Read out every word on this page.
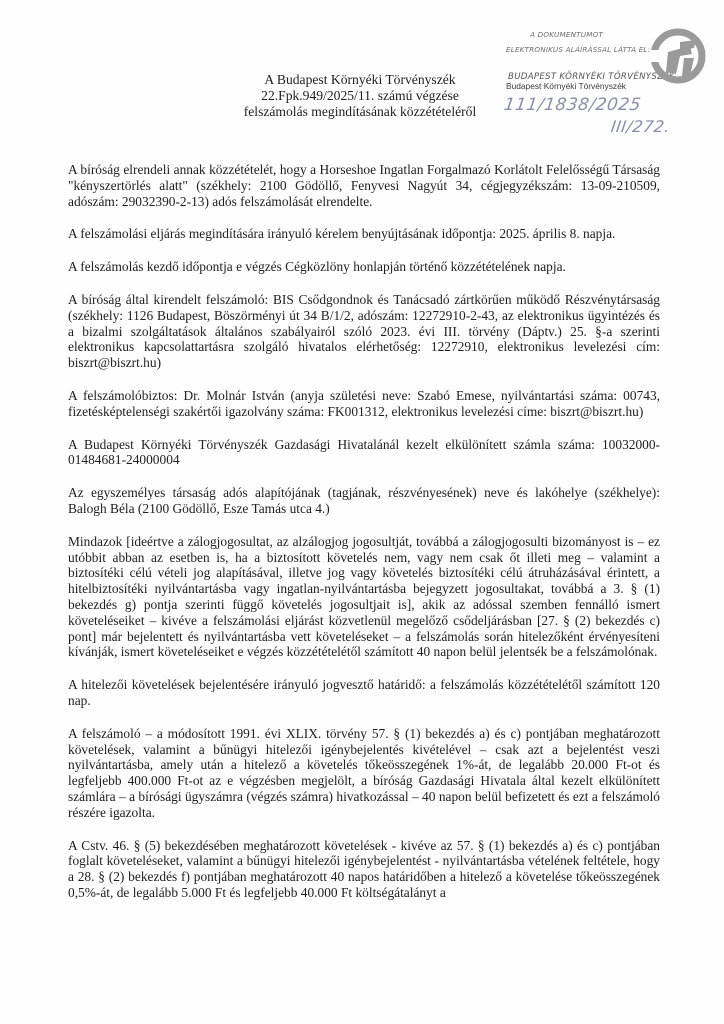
A DOKUMENTUMOT
ELEKTRONIKUS ALÁÍRÁSSAL LÁTTA EL:
BUDAPEST KÖRNYÉKI TÖRVÉNYSZÉK
Budapest Környéki Törvényszék
111/1838/2025
III/272.
A Budapest Környéki Törvényszék
22.Fpk.949/2025/11. számú végzése
felszámolás megindításának közzétételéről

A bíróság elrendeli annak közzétételét, hogy a Horseshoe Ingatlan Forgalmazó Korlátolt Felelősségű Társaság "kényszertörlés alatt" (székhely: 2100 Gödöllő, Fenyvesi Nagyút 34, cégjegyzékszám: 13-09-210509, adószám: 29032390-2-13) adós felszámolását elrendelte.

A felszámolási eljárás megindítására irányuló kérelem benyújtásának időpontja: 2025. április 8. napja.

A felszámolás kezdő időpontja e végzés Cégközlöny honlapján történő közzétételének napja.

A bíróság által kirendelt felszámoló: BIS Csődgondnok és Tanácsadó zártkörűen működő Részvénytársaság (székhely: 1126 Budapest, Böszörményi út 34 B/1/2, adószám: 12272910-2-43, az elektronikus ügyintézés és a bizalmi szolgáltatások általános szabályairól szóló 2023. évi III. törvény (Dáptv.) 25. §-a szerinti elektronikus kapcsolattartásra szolgáló hivatalos elérhetőség: 12272910, elektronikus levelezési cím: biszrt@biszrt.hu)

A felszámolóbiztos: Dr. Molnár István (anyja születési neve: Szabó Emese, nyilvántartási száma: 00743, fizetésképtelenségi szakértői igazolvány száma: FK001312, elektronikus levelezési címe: biszrt@biszrt.hu)

A Budapest Környéki Törvényszék Gazdasági Hivatalánál kezelt elkülönített számla száma: 10032000-01484681-24000004

Az egyszemélyes társaság adós alapítójának (tagjának, részvényesének) neve és lakóhelye (székhelye): Balogh Béla (2100 Gödöllő, Esze Tamás utca 4.)

Mindazok [ideértve a zálogjogosultat, az alzálogjog jogosultját, továbbá a zálogjogosulti bizományost is – ez utóbbit abban az esetben is, ha a biztosított követelés nem, vagy nem csak őt illeti meg – valamint a biztosítéki célú vételi jog alapításával, illetve jog vagy követelés biztosítéki célú átruházásával érintett, a hitelbiztosítéki nyilvántartásba vagy ingatlan-nyilvántartásba bejegyzett jogosultakat, továbbá a 3. § (1) bekezdés g) pontja szerinti függő követelés jogosultjait is], akik az adóssal szemben fennálló ismert követeléseiket – kivéve a felszámolási eljárást közvetlenül megelőző csődeljárásban [27. § (2) bekezdés c) pont] már bejelentett és nyilvántartásba vett követeléseket – a felszámolás során hitelezőként érvényesíteni kívánják, ismert követeléseiket e végzés közzétételétől számított 40 napon belül jelentsék be a felszámolónak.

A hitelezői követelések bejelentésére irányuló jogvesztő határidő: a felszámolás közzétételétől számított 120 nap.

A felszámoló – a módosított 1991. évi XLIX. törvény 57. § (1) bekezdés a) és c) pontjában meghatározott követelések, valamint a bűnügyi hitelezői igénybejelentés kivételével – csak azt a bejelentést veszi nyilvántartásba, amely után a hitelező a követelés tőkeösszegének 1%-át, de legalább 20.000 Ft-ot és legfeljebb 400.000 Ft-ot az e végzésben megjelölt, a bíróság Gazdasági Hivatala által kezelt elkülönített számlára – a bírósági ügyszámra (végzés számra) hivatkozással – 40 napon belül befizetett és ezt a felszámoló részére igazolta.

A Cstv. 46. § (5) bekezdésében meghatározott követelések - kivéve az 57. § (1) bekezdés a) és c) pontjában foglalt követeléseket, valamint a bűnügyi hitelezői igénybejelentést - nyilvántartásba vételének feltétele, hogy a 28. § (2) bekezdés f) pontjában meghatározott 40 napos határidőben a hitelező a követelése tőkeösszegének 0,5%-át, de legalább 5.000 Ft és legfeljebb 40.000 Ft költségátalányt a
